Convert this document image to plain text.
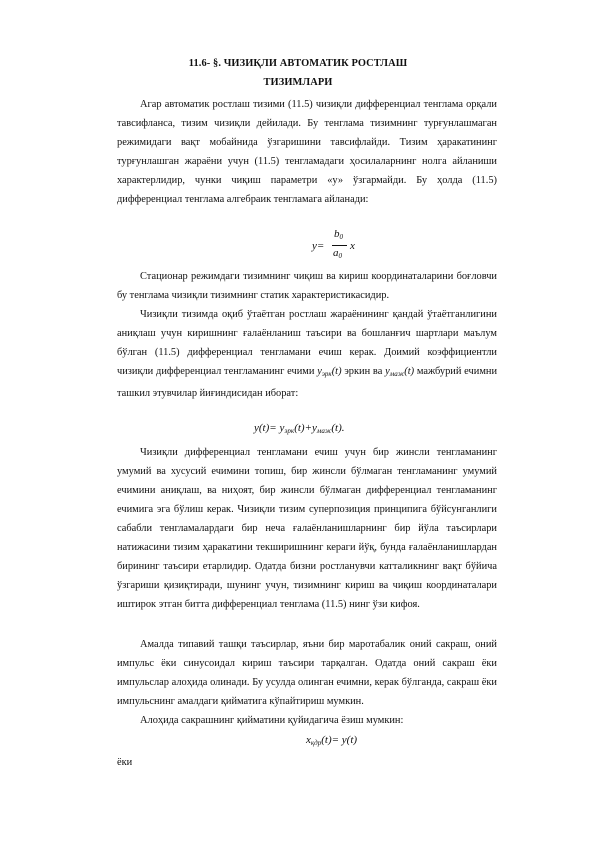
11.6- §. ЧИЗИҚЛИ АВТОМАТИК РОСТЛАШ
ТИЗИМЛАРИ

Агар автоматик ростлаш тизими (11.5) чизиқли дифференциал тенглама орқали тавсифланса, тизим чизиқли дейилади. Бу тенглама тизимнинг турғунлашмаган режимидаги вақт мобайнида ўзгаришини тавсифлайди. Тизим ҳаракатининг турғунлашган жараёни учун (11.5) тенгламадаги ҳосилаларнинг нолга айланиши характерлидир, чунки чиқиш параметри «у» ўзгармайди. Бу ҳолда (11.5) дифференциал тенглама алгебраик тенгламага айланади:

y=
$b_0$
$a_0$
x

Стационар режимдаги тизимнинг чиқиш ва кириш координаталарини боғловчи бу тенглама чизиқли тизимнинг статик характеристикасидир.

Чизиқли тизимда оқиб ўтаётган ростлаш жараёнининг қандай ўтаётганлигини аниқлаш учун киришнинг ғалаёнланиш таъсири ва бошланғич шартлари маълум бўлган (11.5) дифференциал тенгламани ечиш керак. Доимий коэффициентли чизиқли дифференциал тенгламанинг ечими $y_{эрк}(t)$ эркин ва $y_{маж}(t)$ мажбурий ечимни ташкил этувчилар йиғиндисидан иборат:

$y(t)= y_{эрк}(t)+y_{маж}(t)$.

Чизиқли дифференциал тенгламани ечиш учун бир жинсли тенгламанинг умумий ва хусусий ечимини топиш, бир жинсли бўлмаган тенгламанинг умумий ечимини аниқлаш, ва ниҳоят, бир жинсли бўлмаган дифференциал тенгламанинг ечимига эга бўлиш керак. Чизиқли тизим суперпозиция принципига бўйсунганлиги сабабли тенгламалардаги бир неча ғалаёнланишларнинг бир йўла таъсирлари натижасини тизим ҳаракатини текширишнинг кераги йўқ, бунда ғалаёнланишлардан бирининг таъсири етарлидир. Одатда бизни ростланувчи катталикнинг вақт бўйича ўзгариши қизиқтиради, шунинг учун, тизимнинг кириш ва чиқиш координаталари иштирок этган битта дифференциал тенглама (11.5) нинг ўзи кифоя.

Амалда типавий ташқи таъсирлар, яъни бир маротабалик оний сакраш, оний импульс ёки синусоидал кириш таъсири тарқалган. Одатда оний сакраш ёки импульслар алоҳида олинади. Бу усулда олинган ечимни, керак бўлганда, сакраш ёки импульснинг амалдаги қийматига кўпайтириш мумкин.

Алоҳида сакрашнинг қийматини қуйидагича ёзиш мумкин:

$x_{қдр}(t)= y(t)$

ёки
